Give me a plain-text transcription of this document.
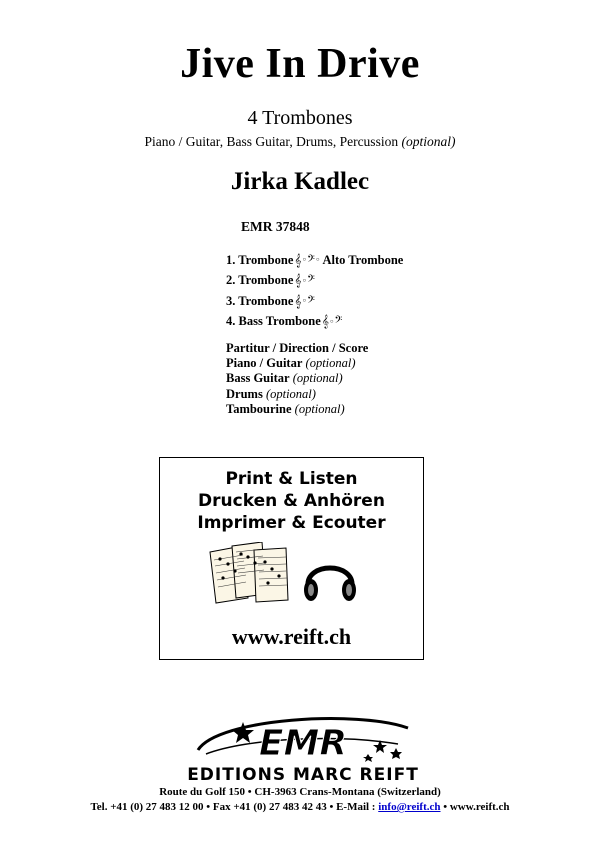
Jive In Drive
4 Trombones
Piano / Guitar, Bass Guitar, Drums, Percussion (optional)
Jirka Kadlec
EMR 37848
1. Trombone 𝄞 ○ 𝄢 ○ Alto Trombone
2. Trombone 𝄞 ○ 𝄢
3. Trombone 𝄞 ○ 𝄢
4. Bass Trombone 𝄞 ○ 𝄢
Partitur / Direction / Score
Piano / Guitar (optional)
Bass Guitar (optional)
Drums (optional)
Tambourine (optional)
Print & Listen
Drucken & Anhören
Imprimer & Ecouter
www.reift.ch
EMR
EDITIONS MARC REIFT
Route du Golf 150 • CH-3963 Crans-Montana (Switzerland)
Tel. +41 (0) 27 483 12 00 • Fax +41 (0) 27 483 42 43 • E-Mail : info@reift.ch • www.reift.ch
